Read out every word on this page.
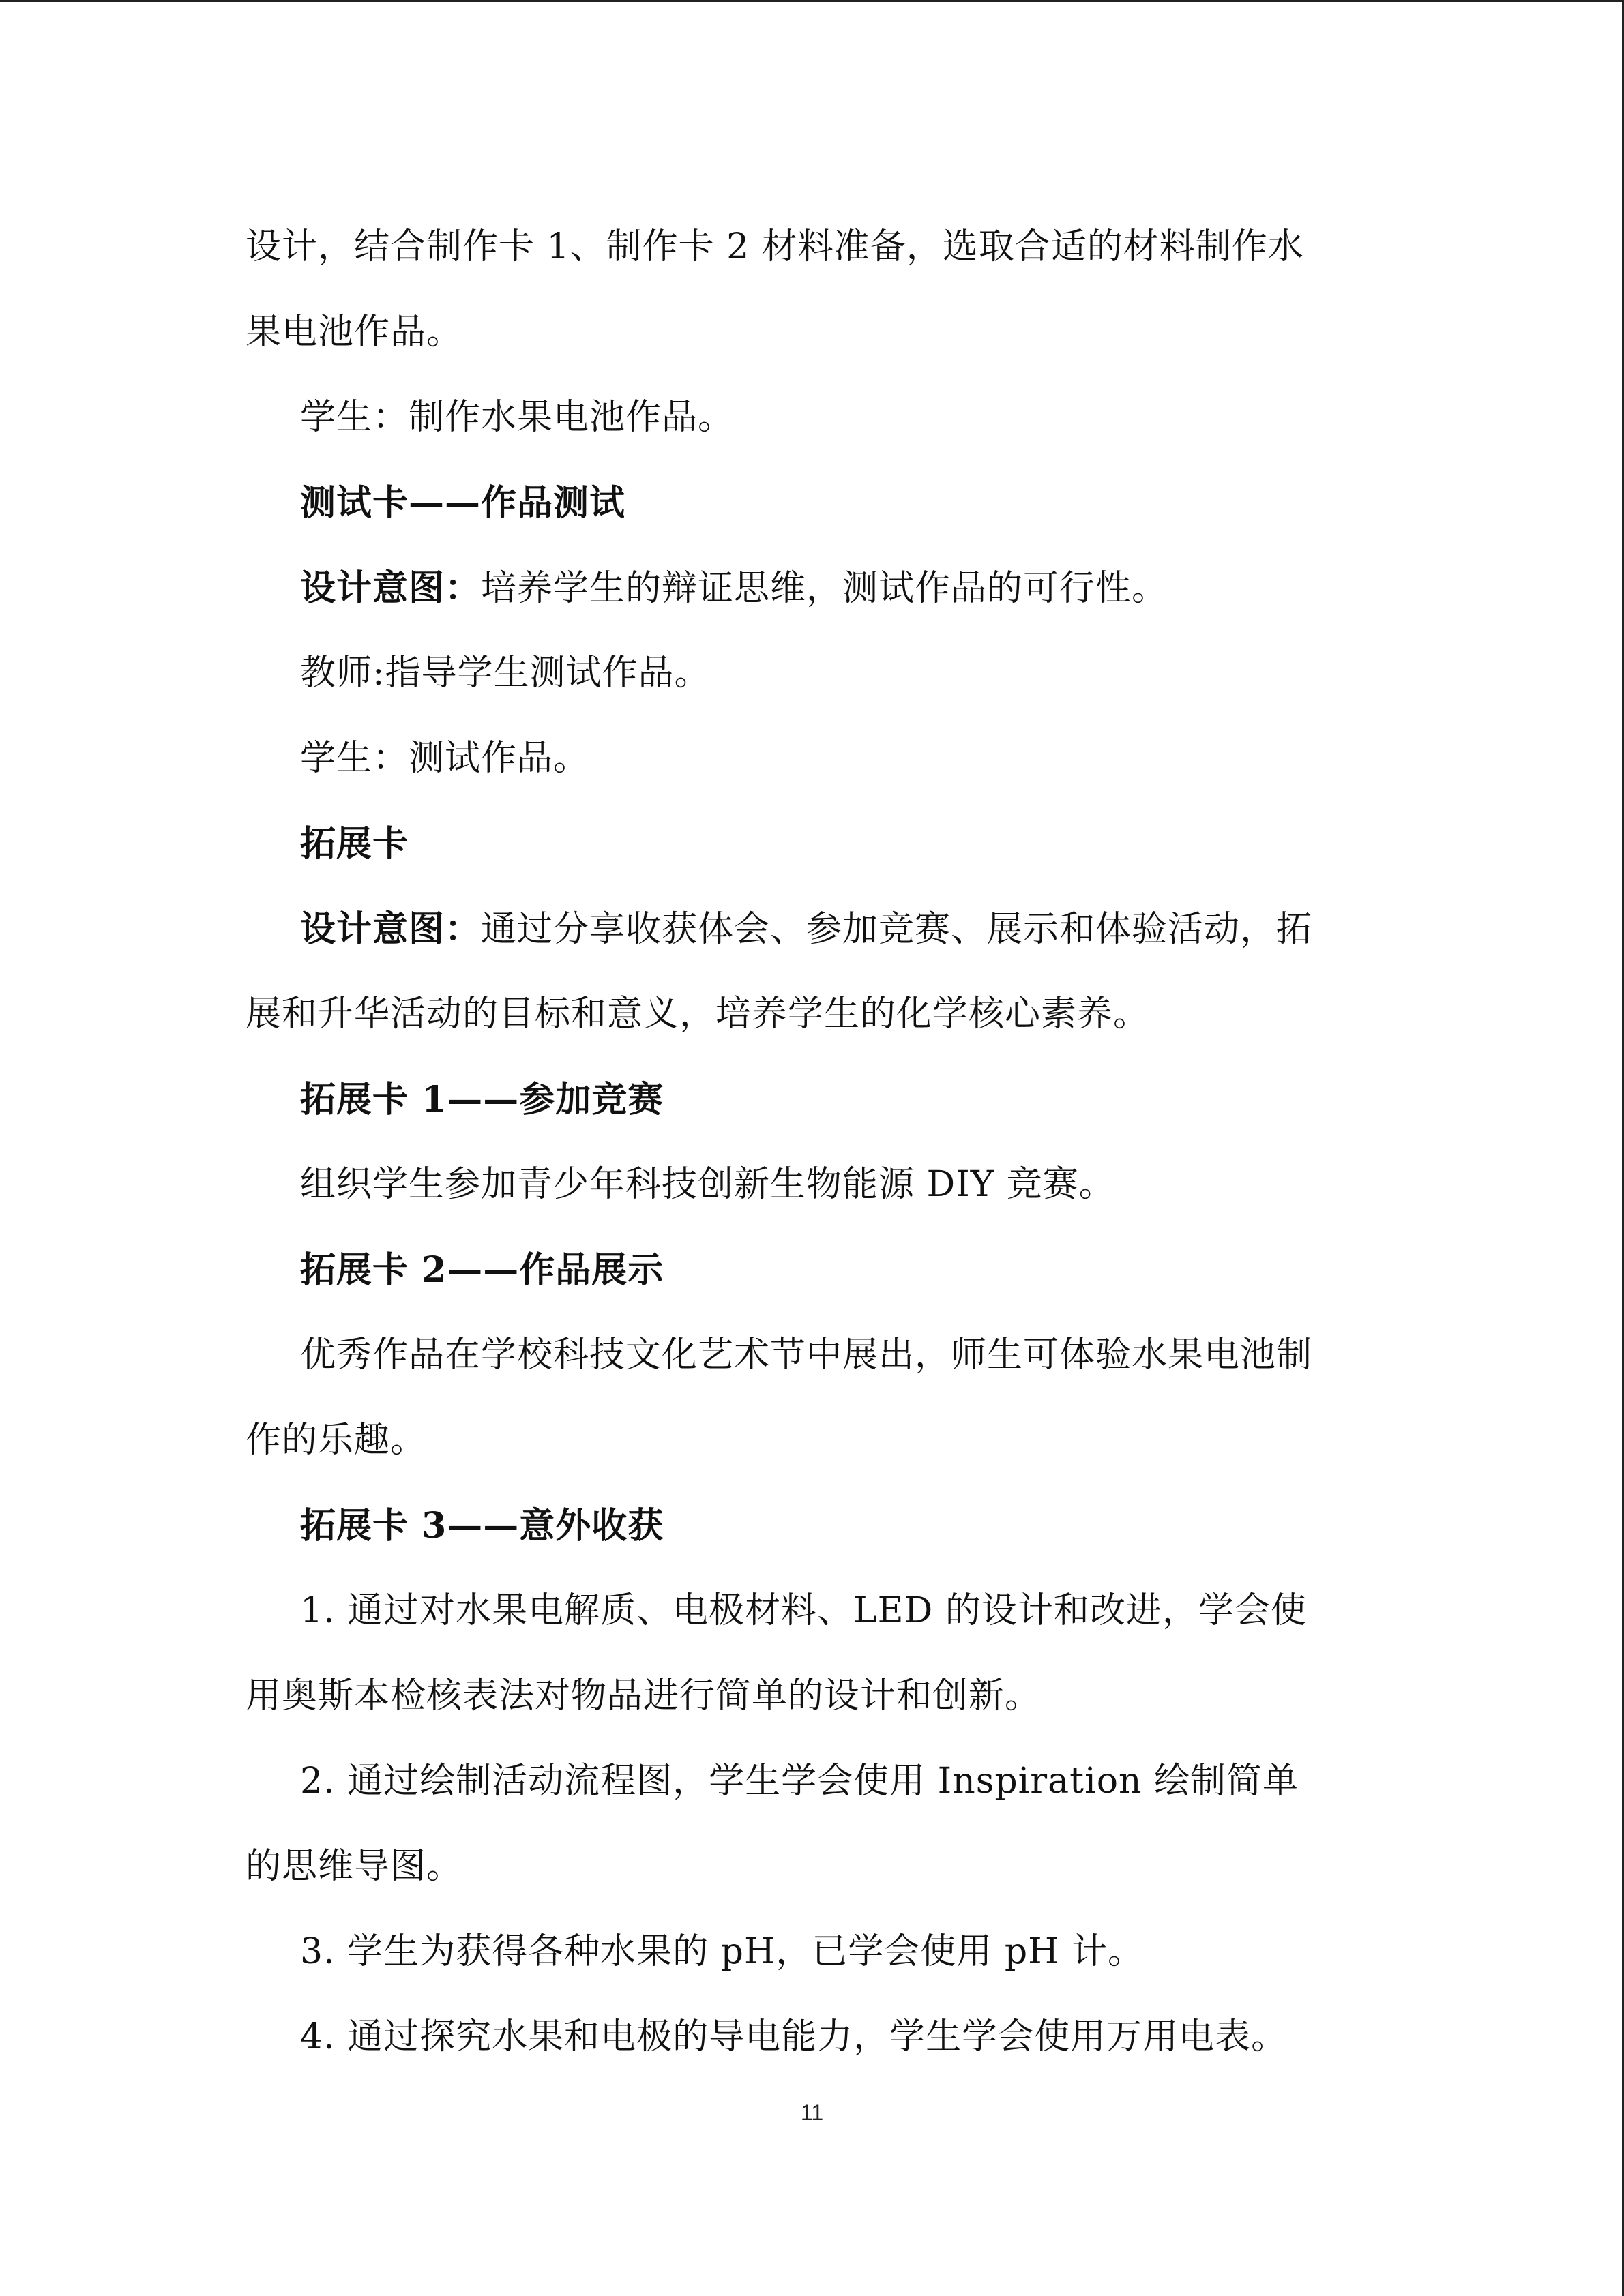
设计，结合制作卡 1、制作卡 2 材料准备，选取合适的材料制作水
果电池作品。
学生：制作水果电池作品。
测试卡——作品测试
设计意图：培养学生的辩证思维，测试作品的可行性。
教师:指导学生测试作品。
学生：测试作品。
拓展卡
设计意图：通过分享收获体会、参加竞赛、展示和体验活动，拓
展和升华活动的目标和意义，培养学生的化学核心素养。
拓展卡 1——参加竞赛
组织学生参加青少年科技创新生物能源 DIY 竞赛。
拓展卡 2——作品展示
优秀作品在学校科技文化艺术节中展出，师生可体验水果电池制
作的乐趣。
拓展卡 3——意外收获
1. 通过对水果电解质、电极材料、LED 的设计和改进，学会使
用奥斯本检核表法对物品进行简单的设计和创新。
2. 通过绘制活动流程图，学生学会使用 Inspiration 绘制简单
的思维导图。
3. 学生为获得各种水果的 pH，已学会使用 pH 计。
4. 通过探究水果和电极的导电能力，学生学会使用万用电表。
11
